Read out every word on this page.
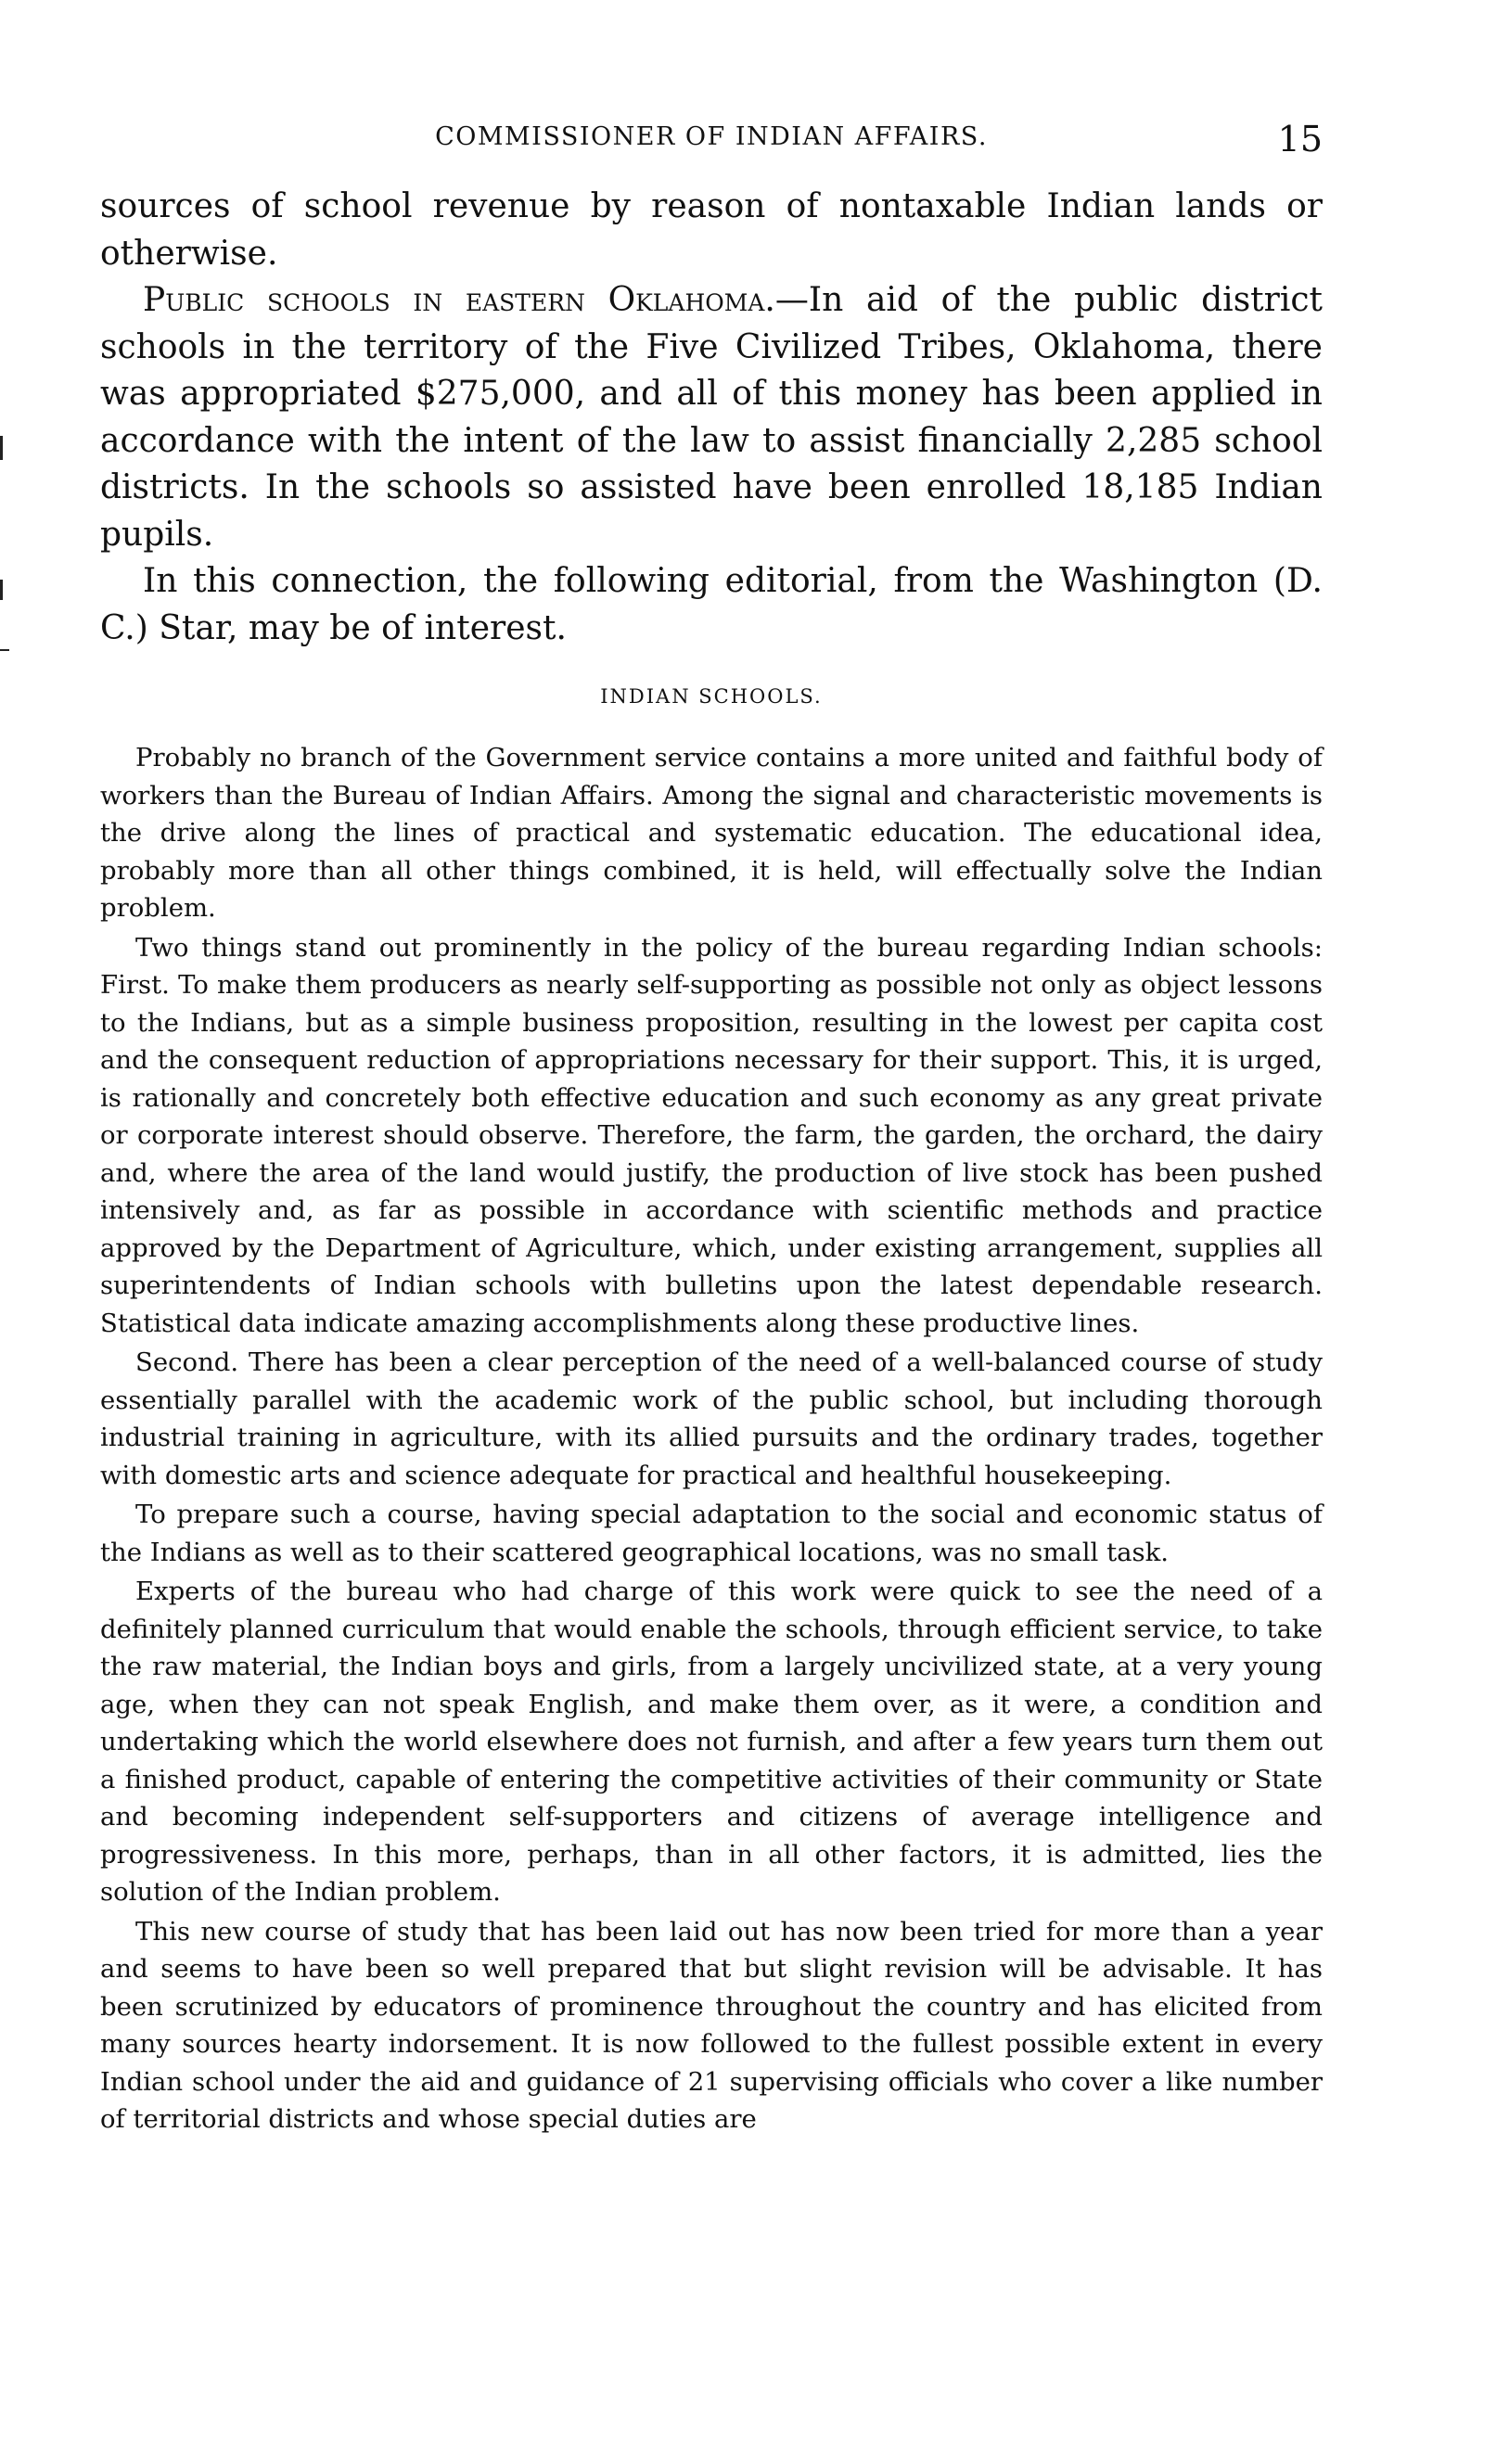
COMMISSIONER OF INDIAN AFFAIRS.	15

sources of school revenue by reason of nontaxable Indian lands or otherwise.

Public schools in eastern Oklahoma.—In aid of the public district schools in the territory of the Five Civilized Tribes, Oklahoma, there was appropriated $275,000, and all of this money has been applied in accordance with the intent of the law to assist financially 2,285 school districts. In the schools so assisted have been enrolled 18,185 Indian pupils.

In this connection, the following editorial, from the Washington (D. C.) Star, may be of interest.

INDIAN SCHOOLS.

Probably no branch of the Government service contains a more united and faithful body of workers than the Bureau of Indian Affairs. Among the signal and characteristic movements is the drive along the lines of practical and systematic education. The educational idea, probably more than all other things combined, it is held, will effectually solve the Indian problem.

Two things stand out prominently in the policy of the bureau regarding Indian schools: First. To make them producers as nearly self-supporting as possible not only as object lessons to the Indians, but as a simple business proposition, resulting in the lowest per capita cost and the consequent reduction of appropriations necessary for their support. This, it is urged, is rationally and concretely both effective education and such economy as any great private or corporate interest should observe. Therefore, the farm, the garden, the orchard, the dairy and, where the area of the land would justify, the production of live stock has been pushed intensively and, as far as possible in accordance with scientific methods and practice approved by the Department of Agriculture, which, under existing arrangement, supplies all superintendents of Indian schools with bulletins upon the latest dependable research. Statistical data indicate amazing accomplishments along these productive lines.

Second. There has been a clear perception of the need of a well-balanced course of study essentially parallel with the academic work of the public school, but including thorough industrial training in agriculture, with its allied pursuits and the ordinary trades, together with domestic arts and science adequate for practical and healthful housekeeping.

To prepare such a course, having special adaptation to the social and economic status of the Indians as well as to their scattered geographical locations, was no small task.

Experts of the bureau who had charge of this work were quick to see the need of a definitely planned curriculum that would enable the schools, through efficient service, to take the raw material, the Indian boys and girls, from a largely uncivilized state, at a very young age, when they can not speak English, and make them over, as it were, a condition and undertaking which the world elsewhere does not furnish, and after a few years turn them out a finished product, capable of entering the competitive activities of their community or State and becoming independent self-supporters and citizens of average intelligence and progressiveness. In this more, perhaps, than in all other factors, it is admitted, lies the solution of the Indian problem.

This new course of study that has been laid out has now been tried for more than a year and seems to have been so well prepared that but slight revision will be advisable. It has been scrutinized by educators of prominence throughout the country and has elicited from many sources hearty indorsement. It is now followed to the fullest possible extent in every Indian school under the aid and guidance of 21 supervising officials who cover a like number of territorial districts and whose special duties are
